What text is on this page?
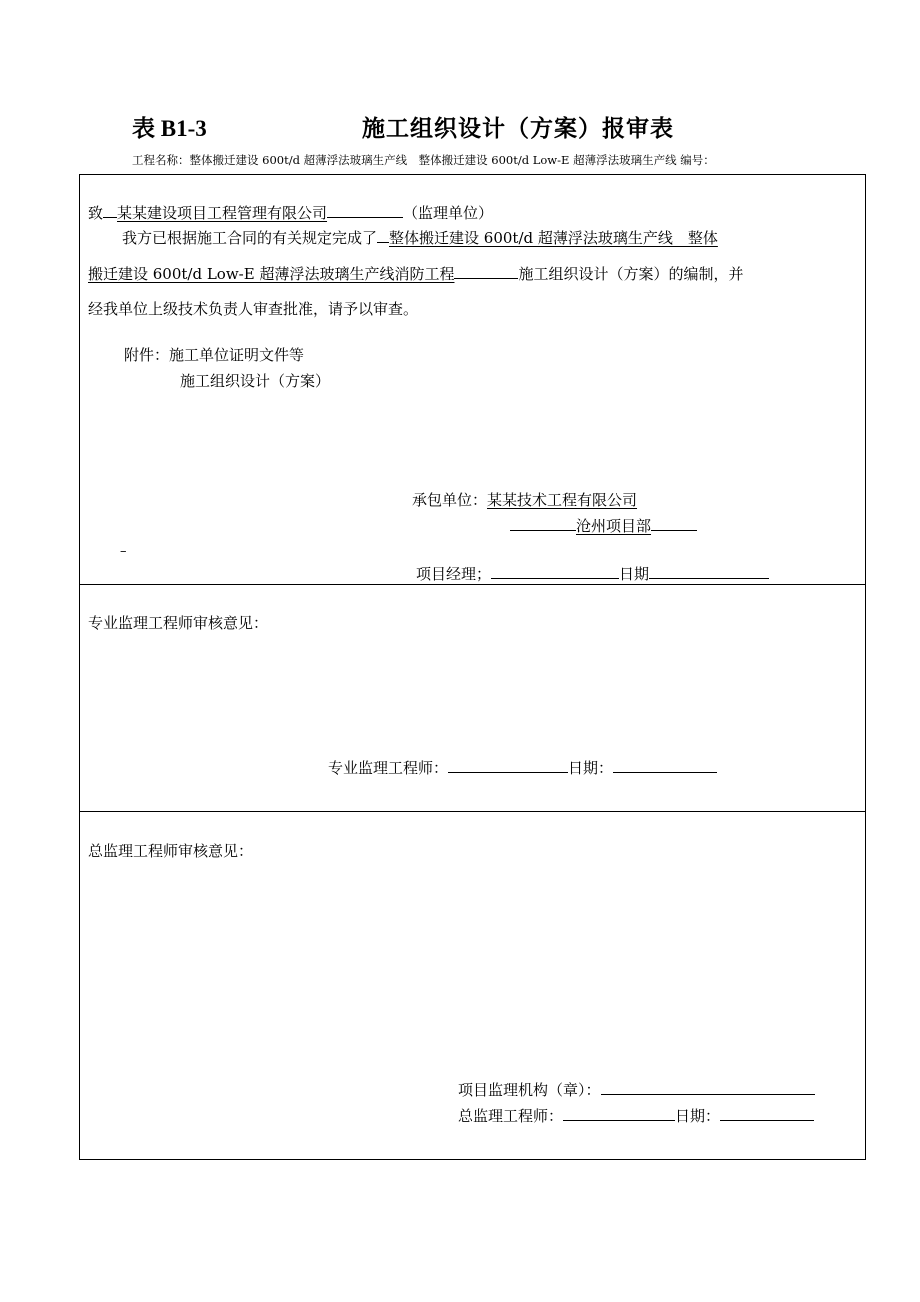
表 B1-3	施工组织设计（方案）报审表
工程名称：整体搬迁建设 600t/d 超薄浮法玻璃生产线　整体搬迁建设 600t/d Low-E 超薄浮法玻璃生产线 编号：
致 某某建设项目工程管理有限公司	（监理单位）
我方已根据施工合同的有关规定完成了 整体搬迁建设 600t/d 超薄浮法玻璃生产线　整体
搬迁建设 600t/d Low-E 超薄浮法玻璃生产线消防工程	施工组织设计（方案）的编制，并
经我单位上级技术负责人审查批准，请予以审查。
附件：施工单位证明文件等
施工组织设计（方案）
承包单位：某某技术工程有限公司
沧州项目部
–
项目经理；	日期
专业监理工程师审核意见：
专业监理工程师：	日期：
总监理工程师审核意见：
项目监理机构（章）：
总监理工程师：	日期：
